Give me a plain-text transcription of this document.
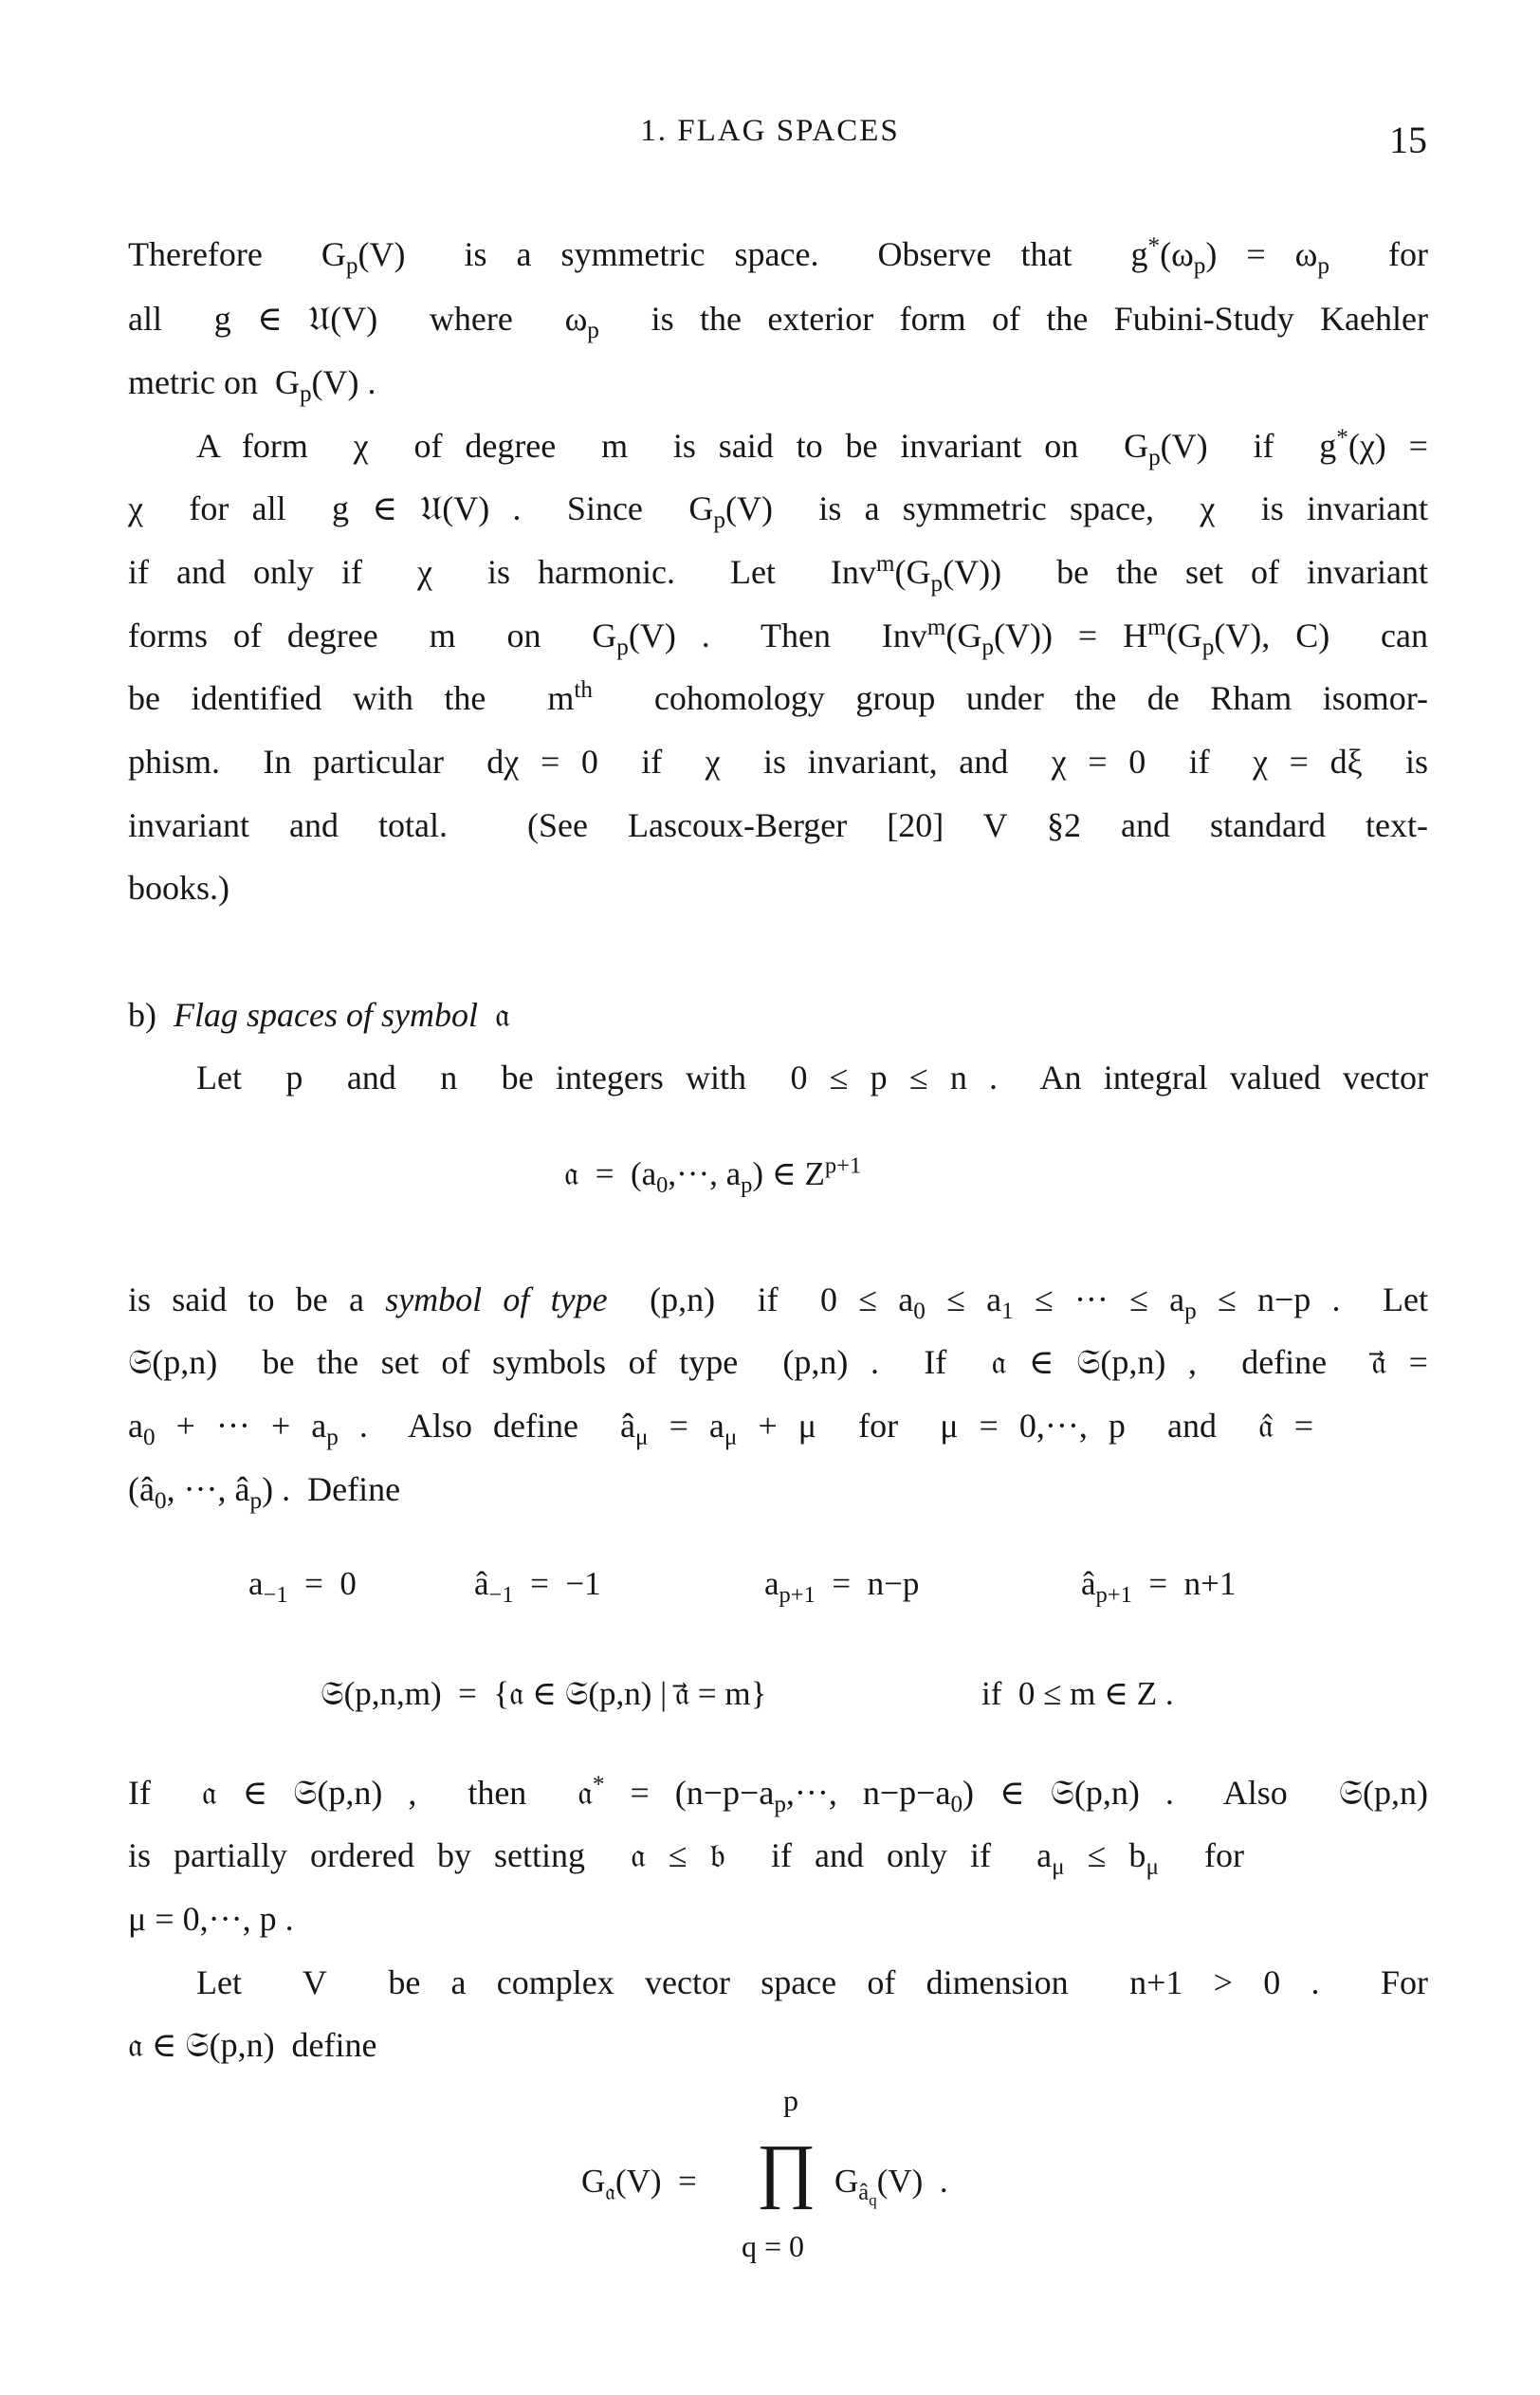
1. FLAG SPACES	15
Therefore  $G_p(V)$  is a symmetric space.  Observe that  $g^*(\omega_p) = \omega_p$  for
all  g ∈ 𝔘(V)  where  $\omega_p$  is the exterior form of the Fubini-Study Kaehler
metric on  $G_p(V)$ .
A form  χ  of degree  m  is said to be invariant on  $G_p(V)$  if  g*(χ) =
χ  for all  g ∈ 𝔘(V) .  Since  $G_p(V)$  is a symmetric space,  χ  is invariant
if and only if  χ  is harmonic.  Let  $Inv^m(G_p(V))$  be the set of invariant
forms of degree  m  on  $G_p(V)$ .  Then  $Inv^m(G_p(V)) = H^m(G_p(V)$, C)  can
be identified with the  $m^{th}$  cohomology group under the de Rham isomor-
phism.  In particular  dχ = 0  if  χ  is invariant, and  χ = 0  if  χ = dξ  is
invariant and total.  (See Lascoux-Berger [20] V §2 and standard text-
books.)
b)  Flag spaces of symbol  𝔞
Let  p  and  n  be integers with  0 ≤ p ≤ n .  An integral valued vector
𝔞  =  ($a_0,\cdot\cdot\cdot$, $a_p$) ∈ $Z^{p+1}$
is said to be a symbol of type  (p,n)  if  $0 \le a_0 \le a_1$ ≤ ··· ≤ $a_p \le n-p$ .  Let
𝔖(p,n)  be the set of symbols of type  (p,n) .  If  𝔞 ∈ 𝔖(p,n) ,  define  𝔞⃗ =
$a_0$ + ··· + $a_p$ .  Also define  $â_\mu = a_\mu + \mu$  for  μ = 0,···, p  and  𝔞̂ =
($â_0$, ···, $â_p$) .  Define
$a_{-1} = 0$	$â_{-1} = -1$	$a_{p+1} = n-p$	$â_{p+1} = n+1$
𝔖(p,n,m)  =  {𝔞 ∈ 𝔖(p,n) | 𝔞⃗ = m}	if  0 ≤ m ∈ Z .
If  𝔞 ∈ 𝔖(p,n) ,  then  𝔞* = ($n-p-a_p,\cdot\cdot\cdot$, $n-p-a_0$) ∈ 𝔖(p,n) .  Also  𝔖(p,n)
is partially ordered by setting  𝔞 ≤ 𝔟  if and only if  $a_\mu \le b_\mu$  for
μ = 0,···, p .
Let  V  be a complex vector space of dimension  n+1 > 0 .  For
𝔞 ∈ 𝔖(p,n)  define
p
$G_𝔞(V)$  = ∏ $G_{â_q}(V)$  .
q = 0
